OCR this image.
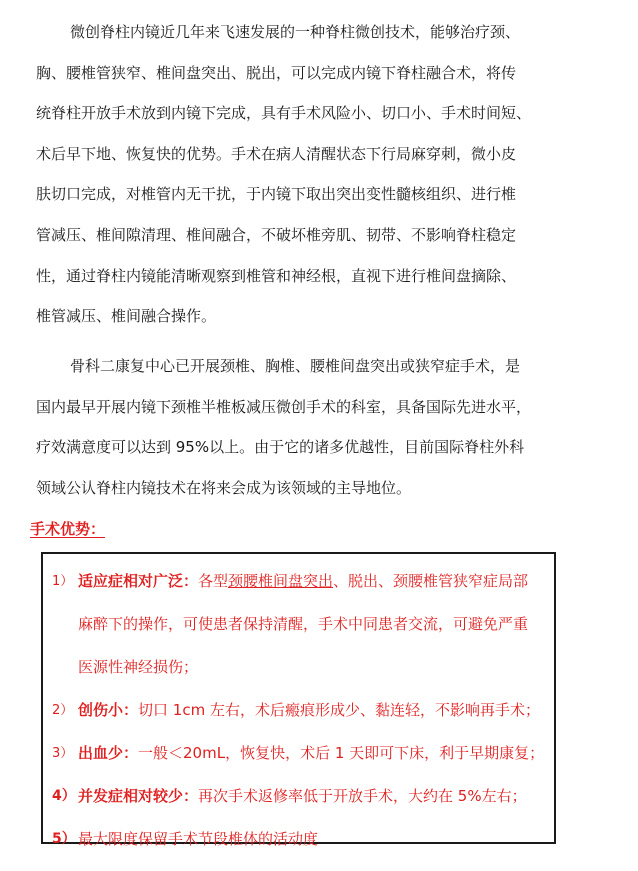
微创脊柱内镜近几年来飞速发展的一种脊柱微创技术，能够治疗颈、
胸、腰椎管狭窄、椎间盘突出、脱出，可以完成内镜下脊柱融合术，将传
统脊柱开放手术放到内镜下完成，具有手术风险小、切口小、手术时间短、
术后早下地、恢复快的优势。手术在病人清醒状态下行局麻穿刺，微小皮
肤切口完成，对椎管内无干扰，于内镜下取出突出变性髓核组织、进行椎
管减压、椎间隙清理、椎间融合，不破坏椎旁肌、韧带、不影响脊柱稳定
性，通过脊柱内镜能清晰观察到椎管和神经根，直视下进行椎间盘摘除、
椎管减压、椎间融合操作。
骨科二康复中心已开展颈椎、胸椎、腰椎间盘突出或狭窄症手术，是
国内最早开展内镜下颈椎半椎板减压微创手术的科室，具备国际先进水平，
疗效满意度可以达到 95%以上。由于它的诸多优越性，目前国际脊柱外科
领域公认脊柱内镜技术在将来会成为该领域的主导地位。
手术优势：
1） 适应症相对广泛：各型颈腰椎间盘突出、脱出、颈腰椎管狭窄症局部
麻醉下的操作，可使患者保持清醒，手术中同患者交流，可避免严重
医源性神经损伤；
2） 创伤小：切口 1cm 左右，术后瘢痕形成少、黏连轻，不影响再手术；
3） 出血少：一般＜20mL，恢复快，术后 1 天即可下床，利于早期康复；
4） 并发症相对较少：再次手术返修率低于开放手术，大约在 5%左右；
5） 最大限度保留手术节段椎体的活动度
